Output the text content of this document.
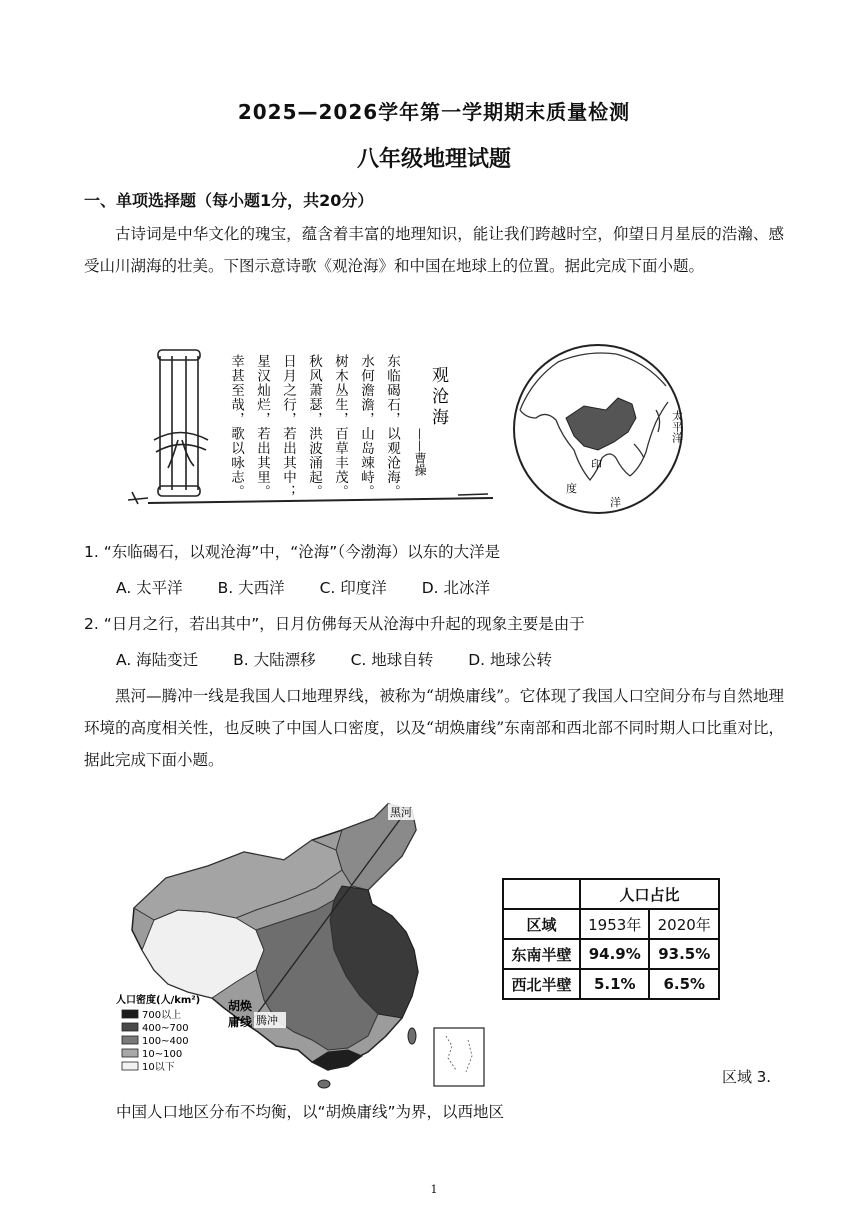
2025—2026学年第一学期期末质量检测
八年级地理试题
一、单项选择题（每小题1分，共20分）
古诗词是中华文化的瑰宝，蕴含着丰富的地理知识，能让我们跨越时空，仰望日月星辰的浩瀚、感受山川湖海的壮美。下图示意诗歌《观沧海》和中国在地球上的位置。据此完成下面小题。
幸甚至哉，歌以咏志。 星汉灿烂，若出其里。 日月之行，若出其中； 秋风萧瑟，洪波涌起。 树木丛生，百草丰茂。 水何澹澹，山岛竦峙。 东临碣石，以观沧海。 观沧海
——曹操
太平洋
印
度
洋
1. “东临碣石，以观沧海”中，“沧海”（今渤海）以东的大洋是
A. 太平洋 B. 大西洋 C. 印度洋 D. 北冰洋
2. “日月之行，若出其中”，日月仿佛每天从沧海中升起的现象主要是由于
A. 海陆变迁 B. 大陆漂移 C. 地球自转 D. 地球公转
黑河—腾冲一线是我国人口地理界线，被称为“胡焕庸线”。它体现了我国人口空间分布与自然地理环境的高度相关性，也反映了中国人口密度，以及“胡焕庸线”东南部和西北部不同时期人口比重对比，据此完成下面小题。
黑河
腾冲
胡焕
庸线
人口密度(人/km²)
700以上
400~700
100~400
10~100
10以下
	人口占比	
区域	1953年	2020年
东南半壁	94.9%	93.5%
西北半壁	5.1%	6.5%
区域 3.
中国人口地区分布不均衡，以“胡焕庸线”为界，以西地区
1
